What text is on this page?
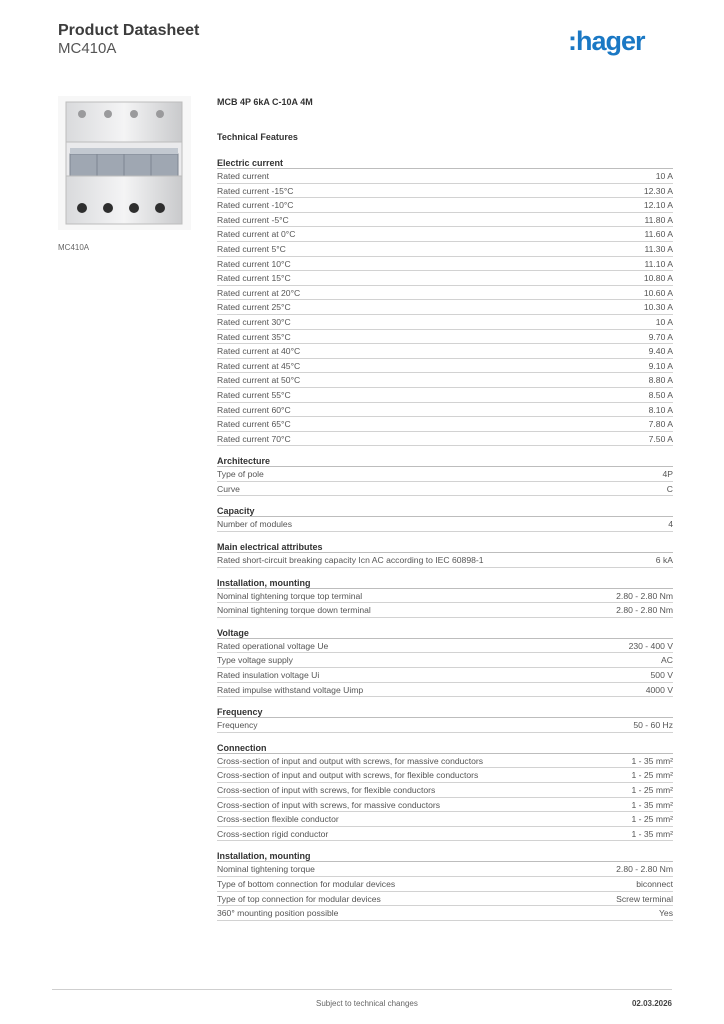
Product Datasheet
MC410A	:hager
MC410A
MCB 4P 6kA C-10A 4M
Technical Features
Electric current
Rated current	10 A
Rated current -15°C	12.30 A
Rated current -10°C	12.10 A
Rated current -5°C	11.80 A
Rated current at 0°C	11.60 A
Rated current 5°C	11.30 A
Rated current 10°C	11.10 A
Rated current 15°C	10.80 A
Rated current at 20°C	10.60 A
Rated current 25°C	10.30 A
Rated current 30°C	10 A
Rated current 35°C	9.70 A
Rated current at 40°C	9.40 A
Rated current at 45°C	9.10 A
Rated current at 50°C	8.80 A
Rated current 55°C	8.50 A
Rated current 60°C	8.10 A
Rated current 65°C	7.80 A
Rated current 70°C	7.50 A
Architecture
Type of pole	4P
Curve	C
Capacity
Number of modules	4
Main electrical attributes
Rated short-circuit breaking capacity Icn AC according to IEC 60898-1	6 kA
Installation, mounting
Nominal tightening torque top terminal	2.80 - 2.80 Nm
Nominal tightening torque down terminal	2.80 - 2.80 Nm
Voltage
Rated operational voltage Ue	230 - 400 V
Type voltage supply	AC
Rated insulation voltage Ui	500 V
Rated impulse withstand voltage Uimp	4000 V
Frequency
Frequency	50 - 60 Hz
Connection
Cross-section of input and output with screws, for massive conductors	1 - 35 mm²
Cross-section of input and output with screws, for flexible conductors	1 - 25 mm²
Cross-section of input with screws, for flexible conductors	1 - 25 mm²
Cross-section of input with screws, for massive conductors	1 - 35 mm²
Cross-section flexible conductor	1 - 25 mm²
Cross-section rigid conductor	1 - 35 mm²
Installation, mounting
Nominal tightening torque	2.80 - 2.80 Nm
Type of bottom connection for modular devices	biconnect
Type of top connection for modular devices	Screw terminal
360° mounting position possible	Yes
Subject to technical changes	02.03.2026
